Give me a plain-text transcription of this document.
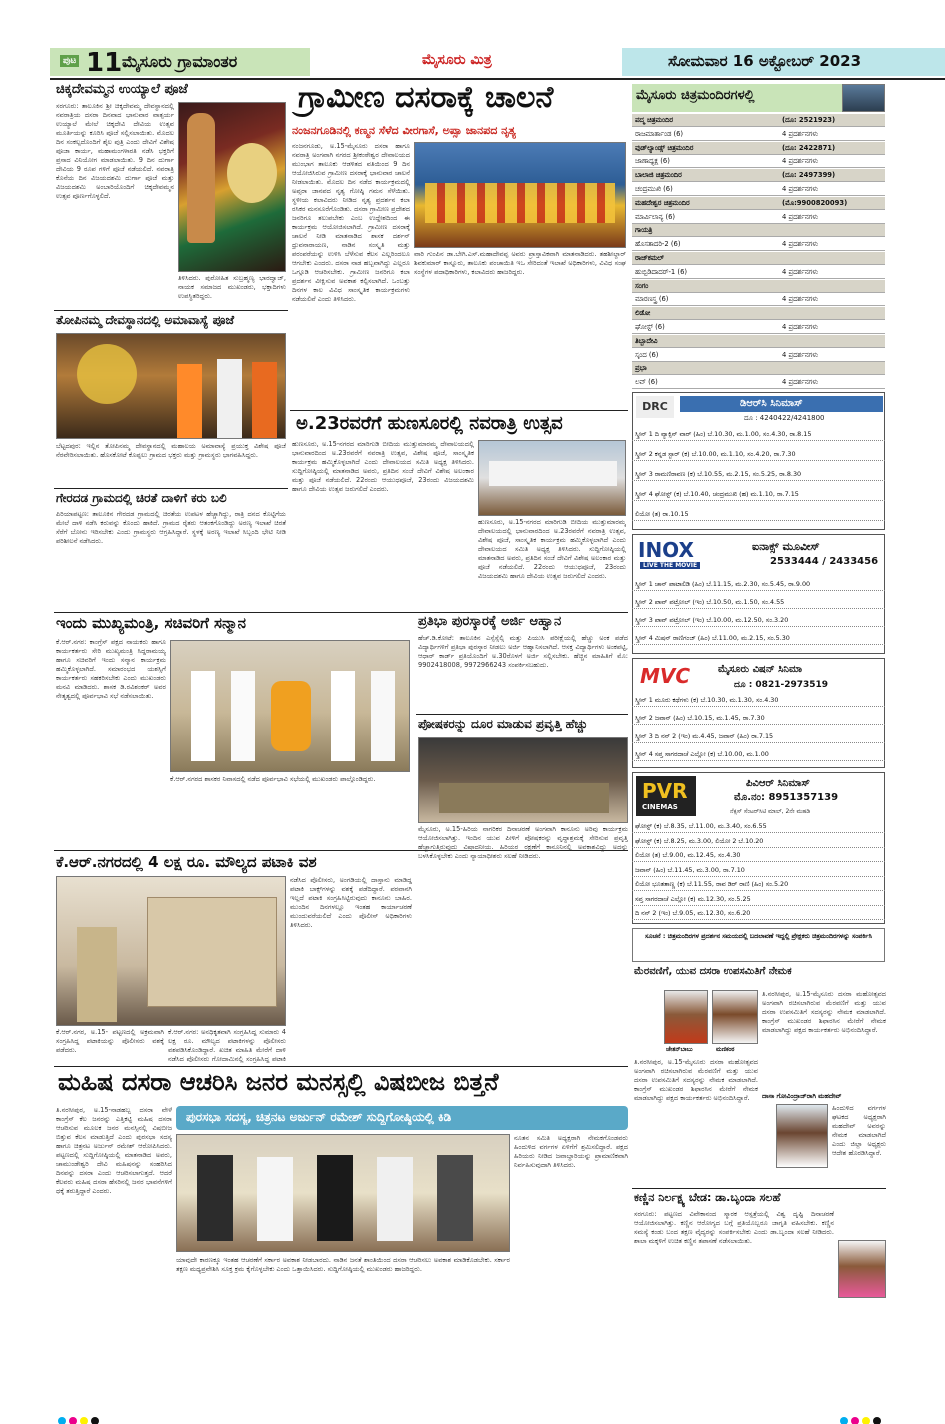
ಪುಟ 11 ಮೈಸೂರು ಗ್ರಾಮಾಂತರ	ಮೈಸೂರು ಮಿತ್ರ	ಸೋಮವಾರ 16 ಅಕ್ಟೋಬರ್ 2023
ಚಿಕ್ಕದೇವಮ್ಮನ ಉಯ್ಯಾಲೆ ಪೂಜೆ
ಸರಗೂರು: ತಾಲೂಕಿನ ಶ್ರೀ ಚಿಕ್ಕದೇವಮ್ಮ ದೇವಸ್ಥಾನದಲ್ಲಿ ನವರಾತ್ರಿಯ ದಸರಾ ದಿನವಾದ ಭಾನುವಾರ ವಾತ್ಸರ್ಯ ಉಯ್ಯಾಲೆ ಮೇಲೆ ಚಿಕ್ಕದೇವಿ ದೇವಿಯ ಉತ್ಸವ ಮೂರ್ತಿಯನ್ನು ಕೂರಿಸಿ ಪೂಜೆ ಸಲ್ಲಿಸಲಾಯಿತು. ಮೊದಲ ದಿನ ಸಂಕಲ್ಪದೊಂದಿಗೆ ಶೈಲ ಪುತ್ರಿ ಎಂದು ದೇವಿಗೆ ವಿಶೇಷ ಪೂಜಾ ಕಾರ್ಯ, ಮಹಾಮಂಗಳಾರತಿ ನಡೆಸಿ ಭಕ್ತರಿಗೆ ಪ್ರಸಾದ ವಿನಿಯೋಗ ಮಾಡಲಾಯಿತು. 9 ದಿನ ದುರ್ಗಾ ದೇವಿಯ 9 ರೂಪ ಗಳಿಗೆ ಪೂಜೆ ನಡೆಯಲಿದೆ. ನವರಾತ್ರಿ ಕೊನೆಯ ದಿನ ವಿಜಯದಶಮಿ ದುರ್ಗಾ ಪೂಜೆ ಮತ್ತು ವಿಜಯದಶಮಿ ಅಂಬಾರಿಯೊಂದಿಗೆ ಚಿಕ್ಕದೇವಮ್ಮನ ಉತ್ಸವ ಪೂರ್ಣಗೊಳ್ಳಲಿದೆ.
ತಿಳಿಸಿದರು. ಪುರೋಹಿತ ಸುಬ್ರಹ್ಮಣ್ಯ ಭಾರದ್ವಾಜ್, ನಾಯಕ ಸಮಾಜದ ಮುಖಂಡರು, ಭಕ್ತಾದಿಗಳು ಉಪಸ್ಥಿತರಿದ್ದರು.
ತೋಪಿನಮ್ಮ ದೇವಸ್ಥಾನದಲ್ಲಿ ಅಮಾವಾಸ್ಯೆ ಪೂಜೆ
ಬೆಟ್ಟದಪುರ: ಇಲ್ಲಿನ ತೋಪಿನಮ್ಮ ದೇವಸ್ಥಾನದಲ್ಲಿ ಮಹಾಲಯ ಅಮಾವಾಸ್ಯೆ ಪ್ರಯುಕ್ತ ವಿಶೇಷ ಪೂಜೆ ನೆರವೇರಿಸಲಾಯಿತು. ಹೊಸಕೋಟೆ ಕೊಪ್ಪಲು ಗ್ರಾಮದ ಭಕ್ತರು ಮತ್ತು ಗ್ರಾಮಸ್ಥರು ಭಾಗವಹಿಸಿದ್ದರು.
ಗೇರದಡ ಗ್ರಾಮದಲ್ಲಿ ಚಿರತೆ ದಾಳಿಗೆ ಕರು ಬಲಿ
ಪಿರಿಯಾಪಟ್ಟಣ: ತಾಲೂಕಿನ ಗೇರದಡ ಗ್ರಾಮದಲ್ಲಿ ಚಿರತೆಯ ಉಪಟಳ ಹೆಚ್ಚಾಗಿದ್ದು, ರಾತ್ರಿ ದನದ ಕೊಟ್ಟಿಗೆಯ ಮೇಲೆ ದಾಳಿ ನಡೆಸಿ ಕರುವನ್ನು ಕೊಂದು ಹಾಕಿದೆ. ಗ್ರಾಮದ ರೈತರು ಆತಂಕಗೊಂಡಿದ್ದು ಅರಣ್ಯ ಇಲಾಖೆ ಚಿರತೆ ಸೆರೆಗೆ ಬೋನು ಇರಿಸಬೇಕು ಎಂದು ಗ್ರಾಮಸ್ಥರು ಆಗ್ರಹಿಸಿದ್ದಾರೆ. ಸ್ಥಳಕ್ಕೆ ಅರಣ್ಯ ಇಲಾಖೆ ಸಿಬ್ಬಂದಿ ಭೇಟಿ ನೀಡಿ ಪರಿಶೀಲನೆ ನಡೆಸಿದರು.
ಇಂದು ಮುಖ್ಯಮಂತ್ರಿ, ಸಚಿವರಿಗೆ ಸನ್ಮಾನ
ಕೆ.ಆರ್.ನಗರ: ಕಾಂಗ್ರೆಸ್ ಪಕ್ಷದ ನಾಯಕರು ಹಾಗೂ ಕಾರ್ಯಕರ್ತರು ಸೇರಿ ಮುಖ್ಯಮಂತ್ರಿ ಸಿದ್ದರಾಮಯ್ಯ ಹಾಗೂ ಸಚಿವರಿಗೆ ಇಂದು ಸನ್ಮಾನ ಕಾರ್ಯಕ್ರಮ ಹಮ್ಮಿಕೊಳ್ಳಲಾಗಿದೆ. ಸಮಾರಂಭದ ಯಶಸ್ಸಿಗೆ ಕಾರ್ಯಕರ್ತರು ಸಹಕರಿಸಬೇಕು ಎಂದು ಮುಖಂಡರು ಮನವಿ ಮಾಡಿದರು. ಶಾಸಕ ಡಿ.ರವಿಶಂಕರ್ ಅವರ ನೇತೃತ್ವದಲ್ಲಿ ಪೂರ್ವಭಾವಿ ಸಭೆ ನಡೆಸಲಾಯಿತು.
ಕೆ.ಆರ್.ನಗರದ ಶಾಸಕರ ನಿವಾಸದಲ್ಲಿ ನಡೆದ ಪೂರ್ವಭಾವಿ ಸಭೆಯಲ್ಲಿ ಮುಖಂಡರು ಪಾಲ್ಗೊಂಡಿದ್ದರು.
ಕೆ.ಆರ್.ನಗರದಲ್ಲಿ 4 ಲಕ್ಷ ರೂ. ಮೌಲ್ಯದ ಪಟಾಕಿ ವಶ
ಕೆ.ಆರ್.ನಗರ, ಅ.15- ಪಟ್ಟಣದಲ್ಲಿ ಅಕ್ರಮವಾಗಿ ಸಂಗ್ರಹಿಸಿದ್ದ ಪಟಾಕಿಯನ್ನು ಪೊಲೀಸರು ವಶಕ್ಕೆ ಪಡೆದರು.
ಕೆ.ಆರ್.ನಗರ: ಅನಧಿಕೃತವಾಗಿ ಸಂಗ್ರಹಿಸಿದ್ದ ಸುಮಾರು 4 ಲಕ್ಷ ರೂ. ಮೌಲ್ಯದ ಪಟಾಕಿಗಳನ್ನು ಪೊಲೀಸರು ವಶಪಡಿಸಿಕೊಂಡಿದ್ದಾರೆ. ಖಚಿತ ಮಾಹಿತಿ ಮೇರೆಗೆ ದಾಳಿ ನಡೆಸಿದ ಪೊಲೀಸರು ಗೋದಾಮಿನಲ್ಲಿ ಸಂಗ್ರಹಿಸಿದ್ದ ಪಟಾಕಿ
ಗ್ರಾಮೀಣ ದಸರಾಕ್ಕೆ ಚಾಲನೆ
ನಂಜನಗೂಡಿನಲ್ಲಿ ಕಣ್ಮನ ಸೆಳೆದ ವೀರಗಾಸೆ, ಅಪ್ಸಾ ಜಾನಪದ ನೃತ್ಯ
ನಂಜನಗೂಡು, ಅ.15-ಮೈಸೂರು ದಸರಾ ಹಾಗೂ ನವರಾತ್ರಿ ಅಂಗವಾಗಿ ನಗರದ ಶ್ರೀಕಂಠೇಶ್ವರ ದೇವಾಲಯದ ಮುಂಭಾಗ ತಾಲೂಕು ಆಡಳಿತದ ವತಿಯಿಂದ 9 ದಿನ ಆಯೋಜಿಸಿರುವ ಗ್ರಾಮೀಣ ದಸರಾಕ್ಕೆ ಭಾನುವಾರ ಚಾಲನೆ ನೀಡಲಾಯಿತು. ಮೊದಲ ದಿನ ನಡೆದ ಕಾರ್ಯಕ್ರಮದಲ್ಲಿ ಅಪ್ಸರಾ ಜಾನಪದ ನೃತ್ಯ ಗೋಷ್ಠಿ ಗಮನ ಸೆಳೆಯಿತು. ಸ್ಥಳೀಯ ಕಲಾವಿದರು ನೀಡಿದ ನೃತ್ಯ ಪ್ರದರ್ಶನ ಕಲಾ ರಸಿಕರ ಮನಸೂರೆಗೊಂಡಿತು. ದಸರಾ ಗ್ರಾಮೀಣ ಪ್ರದೇಶದ ಜನರಿಗೂ ತಲುಪಬೇಕು ಎಂಬ ಉದ್ದೇಶದಿಂದ ಈ ಕಾರ್ಯಕ್ರಮ ಆಯೋಜಿಸಲಾಗಿದೆ. ಗ್ರಾಮೀಣ ದಸರಾಕ್ಕೆ ಚಾಲನೆ ನೀಡಿ ಮಾತನಾಡಿದ ಶಾಸಕ ದರ್ಶನ್ ಧ್ರುವನಾರಾಯಣ, ನಾಡಿನ ಸಂಸ್ಕೃತಿ ಮತ್ತು ಪರಂಪರೆಯನ್ನು ಉಳಿಸಿ ಬೆಳೆಸುವ ಕೆಲಸ ಎಲ್ಲರಿಂದಲೂ ಆಗಬೇಕು ಎಂದರು. ದಸರಾ ನಾಡ ಹಬ್ಬವಾಗಿದ್ದು ಎಲ್ಲರೂ ಒಗ್ಗೂಡಿ ಆಚರಿಸಬೇಕು. ಗ್ರಾಮೀಣ ಜನರಿಗೂ ಕಲಾ ಪ್ರದರ್ಶನ ವೀಕ್ಷಿಸುವ ಅವಕಾಶ ಕಲ್ಪಿಸಲಾಗಿದೆ. ಒಂಬತ್ತು ದಿನಗಳ ಕಾಲ ವಿವಿಧ ಸಾಂಸ್ಕೃತಿಕ ಕಾರ್ಯಕ್ರಮಗಳು ನಡೆಯಲಿವೆ ಎಂದು ತಿಳಿಸಿದರು.
ವಾರಿ ಗುಂಪಿನ ಡಾ.ಬೇಗಿ.ಎಸ್.ಮಹಾದೇವಪ್ಪ ಅವರು ಪ್ರಾಸ್ತಾವಿಕವಾಗಿ ಮಾತನಾಡಿದರು. ತಹಶೀಲ್ದಾರ್ ಶಿವಕುಮಾರ್ ಕಾಸ್ನೂರು, ತಾಲೂಕು ಪಂಚಾಯಿತಿ ಇಒ ಸೇರಿದಂತೆ ಇಲಾಖೆ ಅಧಿಕಾರಿಗಳು, ವಿವಿಧ ಸಂಘ ಸಂಸ್ಥೆಗಳ ಪದಾಧಿಕಾರಿಗಳು, ಕಲಾವಿದರು ಹಾಜರಿದ್ದರು.
ಅ.23ರವರೆಗೆ ಹುಣಸೂರಲ್ಲಿ ನವರಾತ್ರಿ ಉತ್ಸವ
ಹುಣಸೂರು, ಅ.15-ನಗರದ ಮಾರಿಗುಡಿ ಬೀದಿಯ ಮುತ್ತುಮಾರಮ್ಮ ದೇವಾಲಯದಲ್ಲಿ ಭಾನುವಾರದಿಂದ ಅ.23ರವರೆಗೆ ನವರಾತ್ರಿ ಉತ್ಸವ, ವಿಶೇಷ ಪೂಜೆ, ಸಾಂಸ್ಕೃತಿಕ ಕಾರ್ಯಕ್ರಮ ಹಮ್ಮಿಕೊಳ್ಳಲಾಗಿದೆ ಎಂದು ದೇವಾಲಯದ ಸಮಿತಿ ಅಧ್ಯಕ್ಷ ತಿಳಿಸಿದರು. ಸುದ್ದಿಗೋಷ್ಠಿಯಲ್ಲಿ ಮಾತನಾಡಿದ ಅವರು, ಪ್ರತಿದಿನ ಸಂಜೆ ದೇವಿಗೆ ವಿಶೇಷ ಅಲಂಕಾರ ಮತ್ತು ಪೂಜೆ ನಡೆಯಲಿದೆ. 22ರಂದು ಆಯುಧಪೂಜೆ, 23ರಂದು ವಿಜಯದಶಮಿ ಹಾಗೂ ದೇವಿಯ ಉತ್ಸವ ಜರುಗಲಿದೆ ಎಂದರು.
ಹುಣಸೂರು, ಅ.15-ನಗರದ ಮಾರಿಗುಡಿ ಬೀದಿಯ ಮುತ್ತುಮಾರಮ್ಮ ದೇವಾಲಯದಲ್ಲಿ ಭಾನುವಾರದಿಂದ ಅ.23ರವರೆಗೆ ನವರಾತ್ರಿ ಉತ್ಸವ, ವಿಶೇಷ ಪೂಜೆ, ಸಾಂಸ್ಕೃತಿಕ ಕಾರ್ಯಕ್ರಮ ಹಮ್ಮಿಕೊಳ್ಳಲಾಗಿದೆ ಎಂದು ದೇವಾಲಯದ ಸಮಿತಿ ಅಧ್ಯಕ್ಷ ತಿಳಿಸಿದರು. ಸುದ್ದಿಗೋಷ್ಠಿಯಲ್ಲಿ ಮಾತನಾಡಿದ ಅವರು, ಪ್ರತಿದಿನ ಸಂಜೆ ದೇವಿಗೆ ವಿಶೇಷ ಅಲಂಕಾರ ಮತ್ತು ಪೂಜೆ ನಡೆಯಲಿದೆ. 22ರಂದು ಆಯುಧಪೂಜೆ, 23ರಂದು ವಿಜಯದಶಮಿ ಹಾಗೂ ದೇವಿಯ ಉತ್ಸವ ಜರುಗಲಿದೆ ಎಂದರು.
ಪ್ರತಿಭಾ ಪುರಸ್ಕಾರಕ್ಕೆ ಅರ್ಜಿ ಆಹ್ವಾನ
ಹೆಚ್.ಡಿ.ಕೋಟೆ: ತಾಲೂಕಿನ ಎಸ್ಸೆಸ್ಸೆಲ್ಸಿ ಮತ್ತು ಪಿಯುಸಿ ಪರೀಕ್ಷೆಯಲ್ಲಿ ಹೆಚ್ಚು ಅಂಕ ಪಡೆದ ವಿದ್ಯಾರ್ಥಿಗಳಿಗೆ ಪ್ರತಿಭಾ ಪುರಸ್ಕಾರ ನೀಡಲು ಅರ್ಜಿ ಆಹ್ವಾನಿಸಲಾಗಿದೆ. ಆಸಕ್ತ ವಿದ್ಯಾರ್ಥಿಗಳು ಅಂಕಪಟ್ಟಿ, ಆಧಾರ್ ಕಾರ್ಡ್ ಪ್ರತಿಯೊಂದಿಗೆ ಅ.30ರೊಳಗೆ ಅರ್ಜಿ ಸಲ್ಲಿಸಬೇಕು. ಹೆಚ್ಚಿನ ಮಾಹಿತಿಗೆ ಮೊ: 9902418008, 9972966243 ಸಂಪರ್ಕಿಸಬಹುದು.
ಪೋಷಕರನ್ನು ದೂರ ಮಾಡುವ ಪ್ರವೃತ್ತಿ ಹೆಚ್ಚು
ಮೈಸೂರು, ಅ.15-ಹಿರಿಯ ನಾಗರಿಕರ ದಿನಾಚರಣೆ ಅಂಗವಾಗಿ ಕಾನೂನು ಅರಿವು ಕಾರ್ಯಕ್ರಮ ಆಯೋಜಿಸಲಾಗಿತ್ತು. ಇಂದಿನ ಯುವ ಪೀಳಿಗೆ ಪೋಷಕರನ್ನು ವೃದ್ಧಾಶ್ರಮಕ್ಕೆ ಸೇರಿಸುವ ಪ್ರವೃತ್ತಿ ಹೆಚ್ಚಾಗುತ್ತಿರುವುದು ವಿಷಾದನೀಯ. ಹಿರಿಯರ ರಕ್ಷಣೆಗೆ ಕಾನೂನಿನಲ್ಲಿ ಅವಕಾಶವಿದ್ದು ಅದನ್ನು ಬಳಸಿಕೊಳ್ಳಬೇಕು ಎಂದು ನ್ಯಾಯಾಧೀಶರು ಸಲಹೆ ನೀಡಿದರು.
ನಡೆಸಿದ ಪೊಲೀಸರು, ಅಂಗಡಿಯಲ್ಲಿ ದಾಸ್ತಾನು ಮಾಡಿದ್ದ ಪಟಾಕಿ ಬಾಕ್ಸ್‌ಗಳನ್ನು ವಶಕ್ಕೆ ಪಡೆದಿದ್ದಾರೆ. ಪರವಾನಗಿ ಇಲ್ಲದೆ ಪಟಾಕಿ ಸಂಗ್ರಹಿಸಿಟ್ಟಿರುವುದು ಕಾನೂನು ಬಾಹಿರ. ಮುಂದಿನ ದಿನಗಳಲ್ಲೂ ಇಂತಹ ಕಾರ್ಯಾಚರಣೆ ಮುಂದುವರೆಯಲಿದೆ ಎಂದು ಪೊಲೀಸ್ ಅಧಿಕಾರಿಗಳು ತಿಳಿಸಿದರು.
ಮಹಿಷ ದಸರಾ ಆಚರಿಸಿ ಜನರ ಮನಸ್ಸಲ್ಲಿ ವಿಷಬೀಜ ಬಿತ್ತನೆ
ತಿ.ನರಸೀಪುರ, ಅ.15-ನಾಡಹಬ್ಬ ದಸರಾ ವೇಳೆ ಕಾಂಗ್ರೆಸ್ ಕೆಲ ಜನರನ್ನು ಎತ್ತಿಕಟ್ಟಿ ಮಹಿಷ ದಸರಾ ಆಚರಿಸುವ ಮೂಲಕ ಜನರ ಮನಸ್ಸಿನಲ್ಲಿ ವಿಷಬೀಜ ಬಿತ್ತುವ ಕೆಲಸ ಮಾಡುತ್ತಿದೆ ಎಂದು ಪುರಸಭಾ ಸದಸ್ಯ ಹಾಗೂ ಚಿತ್ರನಟ ಅರ್ಜುನ್ ರಮೇಶ್ ಆರೋಪಿಸಿದರು. ಪಟ್ಟಣದಲ್ಲಿ ಸುದ್ದಿಗೋಷ್ಠಿಯಲ್ಲಿ ಮಾತನಾಡಿದ ಅವರು, ಚಾಮುಂಡೇಶ್ವರಿ ದೇವಿ ಮಹಿಷನನ್ನು ಸಂಹರಿಸಿದ ದಿನವನ್ನು ದಸರಾ ಎಂದು ಆಚರಿಸಲಾಗುತ್ತದೆ. ಆದರೆ ಕೆಲವರು ಮಹಿಷ ದಸರಾ ಹೆಸರಿನಲ್ಲಿ ಜನರ ಭಾವನೆಗಳಿಗೆ ಧಕ್ಕೆ ತರುತ್ತಿದ್ದಾರೆ ಎಂದರು.
ಪುರಸಭಾ ಸದಸ್ಯ, ಚಿತ್ರನಟ ಅರ್ಜುನ್ ರಮೇಶ್ ಸುದ್ದಿಗೋಷ್ಠಿಯಲ್ಲಿ ಕಿಡಿ
ಯಾವುದೇ ಕಾರಣಕ್ಕೂ ಇಂತಹ ಆಚರಣೆಗೆ ಸರ್ಕಾರ ಅವಕಾಶ ನೀಡಬಾರದು. ನಾಡಿನ ಜನತೆ ಶಾಂತಿಯಿಂದ ದಸರಾ ಆಚರಿಸಲು ಅವಕಾಶ ಮಾಡಿಕೊಡಬೇಕು. ಸರ್ಕಾರ ತಕ್ಷಣ ಮಧ್ಯಪ್ರವೇಶಿಸಿ ಸೂಕ್ತ ಕ್ರಮ ಕೈಗೊಳ್ಳಬೇಕು ಎಂದು ಒತ್ತಾಯಿಸಿದರು. ಸುದ್ದಿಗೋಷ್ಠಿಯಲ್ಲಿ ಮುಖಂಡರು ಹಾಜರಿದ್ದರು.
ನೂತನ ಸಮಿತಿ ಅಧ್ಯಕ್ಷರಾಗಿ ನೇಮಕಗೊಂಡವರು ಹಿಂದುಳಿದ ವರ್ಗಗಳ ಏಳಿಗೆಗೆ ಶ್ರಮಿಸಲಿದ್ದಾರೆ. ಪಕ್ಷದ ಹಿರಿಯರು ನೀಡಿದ ಜವಾಬ್ದಾರಿಯನ್ನು ಪ್ರಾಮಾಣಿಕವಾಗಿ ನಿರ್ವಹಿಸುವುದಾಗಿ ತಿಳಿಸಿದರು.
ಮೈಸೂರು ಚಿತ್ರಮಂದಿರಗಳಲ್ಲಿ
ಪದ್ಮ ಚಿತ್ರಮಂದಿರ	(ದೂ: 2521923)
ರಾಜಮಾರ್ತಾಂಡ (6)	4 ಪ್ರದರ್ಶನಗಳು
ವುಡ್‌ಲ್ಯಾಂಡ್ಸ್ ಚಿತ್ರಮಂದಿರ	(ದೂ: 2422871)
ಜಾಣಾಧ್ಯಕ್ಷ (6)	4 ಪ್ರದರ್ಶನಗಳು
ಬಾಲಾಜಿ ಚಿತ್ರಮಂದಿರ	(ದೂ: 2497399)
ಚಂದ್ರಮುಖಿ (6)	4 ಪ್ರದರ್ಶನಗಳು
ಮಹದೇಶ್ವರ ಚಿತ್ರಮಂದಿರ	(ಮೊ:9900820093)
ಮಾರ್ವಿಲಾನ್ಯ (6)	4 ಪ್ರದರ್ಶನಗಳು
ಗಾಯತ್ರಿ
ಹೊಸತಾದರಿ-2 (6)	4 ಪ್ರದರ್ಶನಗಳು
ರಾಜ್‌ಕಮಲ್
ಹುಬ್ಬಿಡಿದಾದರ್-1 (6)	4 ಪ್ರದರ್ಶನಗಳು
ಸಂಗಂ
ಮಾರಣಸ್ತ್ರ (6)	4 ಪ್ರದರ್ಶನಗಳು
ಲಿಡೋ
ಘೋಸ್ಟ್ (6)	4 ಪ್ರದರ್ಶನಗಳು
ತಿಬ್ಬಾದೇವಿ
ಸ್ಕಂದ (6)	4 ಪ್ರದರ್ಶನಗಳು
ಪ್ರಭಾ
ಲವ್ (6)	4 ಪ್ರದರ್ಶನಗಳು
DRC	ಡಿಆರ್‌ಸಿ ಸಿನಿಮಾಸ್
ದೂ : 4240422/4241800
ಸ್ಕ್ರೀನ್ 1 ದಿ ವ್ಯಾಕ್ಸಿನ್ ವಾರ್ (ಹಿಂ) ಬೆ.10.30, ಮ.1.00, ಸಂ.4.30, ರಾ.8.15
ಸ್ಕ್ರೀನ್ 2 ಕನ್ನಡ ಸ್ಟಾರ್ (ಕ) ಬೆ.10.00, ಮ.1.10, ಸಂ.4.20, ರಾ.7.30
ಸ್ಕ್ರೀನ್ 3 ರಾಮಣಿರಾವಣ (ಕ) ಬೆ.10.55, ಮ.2.15, ಸಂ.5.25, ರಾ.8.30
ಸ್ಕ್ರೀನ್ 4 ಘೋಸ್ಟ್ (ಕ) ಬೆ.10.40, ಚಂದ್ರಮುಖಿ (ಹ) ಮ.1.10, ರಾ.7.15
ಲಿಯೋ (ತ) ರಾ.10.15
INOX
LIVE THE MOVIE
ಐನಾಕ್ಸ್ ಮೂವೀಸ್
2533444 / 2433456
ಸ್ಕ್ರೀನ್ 1 ಚಾನ್ ಪಾಟಾಲಿಡಿ (ಹಿಂ) ಬೆ.11.15, ಮ.2.30, ಸಂ.5.45, ರಾ.9.00
ಸ್ಕ್ರೀನ್ 2 ಪಾವ್ ಪಟ್ರೋಲ್ (ಇಂ) ಬೆ.10.50, ಮ.1.50, ಸಂ.4.55
ಸ್ಕ್ರೀನ್ 3 ಪಾವ್ ಪಟ್ರೋಲ್ (ಇಂ) ಬೆ.10.00, ಮ.12.50, ಸಂ.3.20
ಸ್ಕ್ರೀನ್ 4 ಮಿಷನ್ ರಾಣಿಗಂಜ್ (ಹಿಂ) ಬೆ.11.00, ಮ.2.15, ಸಂ.5.30
MVC	ಮೈಸೂರು ವಿಷನ್ ಸಿನಿಮಾ
ದೂ : 0821-2973519
ಸ್ಕ್ರೀನ್ 1 ಮೂರು ಕಥೆಗಳು (ಕ) ಬೆ.10.30, ಮ.1.30, ಸಂ.4.30
ಸ್ಕ್ರೀನ್ 2 ಜವಾನ್ (ಹಿಂ) ಬೆ.10.15, ಮ.1.45, ರಾ.7.30
ಸ್ಕ್ರೀನ್ 3 ದಿ ನನ್ 2 (ಇಂ) ಮ.4.45, ಜವಾನ್ (ಹಿಂ) ರಾ.7.15
ಸ್ಕ್ರೀನ್ 4 ಸಪ್ತ ಸಾಗರದಾಚೆ ಎಲ್ಲೋ (ಕ) ಬೆ.10.00, ಮ.1.00
PVR
CINEMAS
ಪಿವಿಆರ್ ಸಿನಿಮಾಸ್
ಮೊ.ನಂ: 8951357139
ನೆಕ್ಸಸ್ ಸೆಂಟರ್‌ಸಿಟಿ ಮಾಲ್, 2ನೇ ಮಹಡಿ
ಘೋಸ್ಟ್ (ಕ) ಬೆ.8.35, ಬೆ.11.00, ಮ.3.40, ಸಂ.6.55
ಘೋಸ್ಟ್ (ಕ) ಬೆ.8.25, ಮ.3.00, ಲಿಯೋ 2 ಬೆ.10.20
ಲಿಯೋ (ತ) ಬೆ.9.00, ಮ.12.45, ಸಂ.4.30
ಜವಾನ್ (ಹಿಂ) ಬೆ.11.45, ಮ.3.00, ರಾ.7.10
ಲಿಯೋ ಭೂತತಾಣ್ಣ (ಕ) ಬೆ.11.55, ರಾವ ಡಿರ್ ರಾಣಿ (ಹಿಂ) ಸಂ.5.20
ಸಪ್ತ ಸಾಗರದಾಚೆ ಎಲ್ಲೋ (ಕ) ಮ.12.30, ಸಂ.5.25
ದಿ ನನ್ 2 (ಇಂ) ಬೆ.9.05, ಮ.12.30, ಸಂ.6.20
ಸೂಚನೆ : ಚಿತ್ರಮಂದಿರಗಳ ಪ್ರದರ್ಶನ ಸಮಯದಲ್ಲಿ ಬದಲಾವಣೆ ಇದ್ದಲ್ಲಿ ಪ್ರೇಕ್ಷಕರು ಚಿತ್ರಮಂದಿರಗಳನ್ನು ಸಂಪರ್ಕಿಸಿ
ಮೆರವಣಿಗೆ, ಯುವ ದಸರಾ ಉಪಸಮಿತಿಗೆ ನೇಮಕ
ಚೇತನ್‌ಬಾಬು	ಮಣಿಕಂಠ
ತಿ.ನರಸೀಪುರ, ಅ.15-ಮೈಸೂರು ದಸರಾ ಮಹೋತ್ಸವದ ಅಂಗವಾಗಿ ರಚಿಸಲಾಗಿರುವ ಮೆರವಣಿಗೆ ಮತ್ತು ಯುವ ದಸರಾ ಉಪಸಮಿತಿಗೆ ಸದಸ್ಯರನ್ನು ನೇಮಕ ಮಾಡಲಾಗಿದೆ. ಕಾಂಗ್ರೆಸ್ ಮುಖಂಡರ ಶಿಫಾರಸಿನ ಮೇರೆಗೆ ನೇಮಕ ಮಾಡಲಾಗಿದ್ದು ಪಕ್ಷದ ಕಾರ್ಯಕರ್ತರು ಅಭಿನಂದಿಸಿದ್ದಾರೆ.
ತಿ.ನರಸೀಪುರ, ಅ.15-ಮೈಸೂರು ದಸರಾ ಮಹೋತ್ಸವದ ಅಂಗವಾಗಿ ರಚಿಸಲಾಗಿರುವ ಮೆರವಣಿಗೆ ಮತ್ತು ಯುವ ದಸರಾ ಉಪಸಮಿತಿಗೆ ಸದಸ್ಯರನ್ನು ನೇಮಕ ಮಾಡಲಾಗಿದೆ. ಕಾಂಗ್ರೆಸ್ ಮುಖಂಡರ ಶಿಫಾರಸಿನ ಮೇರೆಗೆ ನೇಮಕ ಮಾಡಲಾಗಿದ್ದು ಪಕ್ಷದ ಕಾರ್ಯಕರ್ತರು ಅಭಿನಂದಿಸಿದ್ದಾರೆ.	ದಾಸಾ ಗೋವಿಂದ್ರಾಜ್‌ರಾಗಿ ಮಹದೇವ್
ಹಿಂದುಳಿದ ವರ್ಗಗಳ ಘಟಕದ ಅಧ್ಯಕ್ಷರಾಗಿ ಮಹದೇವ್ ಅವರನ್ನು ನೇಮಕ ಮಾಡಲಾಗಿದೆ ಎಂದು ಜಿಲ್ಲಾ ಅಧ್ಯಕ್ಷರು ಆದೇಶ ಹೊರಡಿಸಿದ್ದಾರೆ.
ಕಣ್ಣಿನ ನಿರ್ಲಕ್ಷ್ಯ ಬೇಡ: ಡಾ.ಬೃಂದಾ ಸಲಹೆ
ಸರಗೂರು: ಪಟ್ಟಣದ ವಿವೇಕಾನಂದ ಸ್ಮಾರಕ ಆಸ್ಪತ್ರೆಯಲ್ಲಿ ವಿಶ್ವ ದೃಷ್ಟಿ ದಿನಾಚರಣೆ ಆಯೋಜಿಸಲಾಗಿತ್ತು. ಕಣ್ಣಿನ ಆರೋಗ್ಯದ ಬಗ್ಗೆ ಪ್ರತಿಯೊಬ್ಬರೂ ಜಾಗೃತಿ ವಹಿಸಬೇಕು. ಕಣ್ಣಿನ ಸಮಸ್ಯೆ ಕಂಡು ಬಂದ ತಕ್ಷಣ ವೈದ್ಯರನ್ನು ಸಂಪರ್ಕಿಸಬೇಕು ಎಂದು ಡಾ.ಬೃಂದಾ ಸಲಹೆ ನೀಡಿದರು. ಶಾಲಾ ಮಕ್ಕಳಿಗೆ ಉಚಿತ ಕಣ್ಣಿನ ತಪಾಸಣೆ ನಡೆಸಲಾಯಿತು.
